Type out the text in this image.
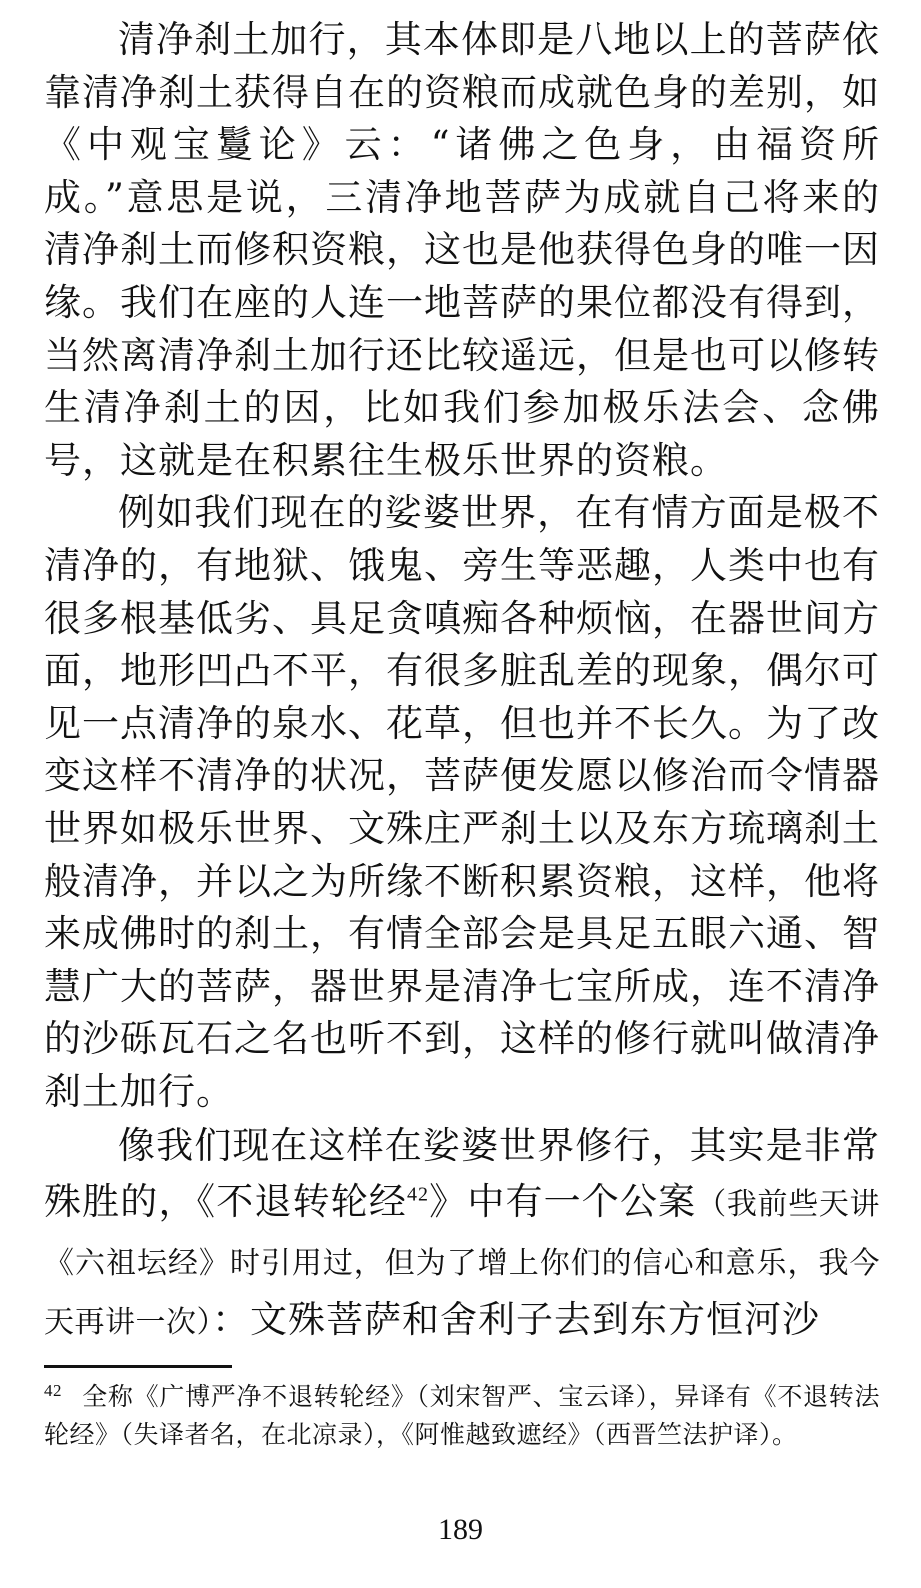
清净刹土加行，其本体即是八地以上的菩萨依靠清净刹土获得自在的资粮而成就色身的差别，如《中观宝鬘论》云：“诸佛之色身，由福资所成。”意思是说，三清净地菩萨为成就自己将来的清净刹土而修积资粮，这也是他获得色身的唯一因缘。我们在座的人连一地菩萨的果位都没有得到，当然离清净刹土加行还比较遥远，但是也可以修转生清净刹土的因，比如我们参加极乐法会、念佛号，这就是在积累往生极乐世界的资粮。

例如我们现在的娑婆世界，在有情方面是极不清净的，有地狱、饿鬼、旁生等恶趣，人类中也有很多根基低劣、具足贪嗔痴各种烦恼，在器世间方面，地形凹凸不平，有很多脏乱差的现象，偶尔可见一点清净的泉水、花草，但也并不长久。为了改变这样不清净的状况，菩萨便发愿以修治而令情器世界如极乐世界、文殊庄严刹土以及东方琉璃刹土般清净，并以之为所缘不断积累资粮，这样，他将来成佛时的刹土，有情全部会是具足五眼六通、智慧广大的菩萨，器世界是清净七宝所成，连不清净的沙砾瓦石之名也听不到，这样的修行就叫做清净刹土加行。

像我们现在这样在娑婆世界修行，其实是非常殊胜的，《不退转轮经$^{42}$》中有一个公案（我前些天讲《六祖坛经》时引用过，但为了增上你们的信心和意乐，我今天再讲一次）：文殊菩萨和舍利子去到东方恒河沙

$^{42}$ 全称《广博严净不退转轮经》（刘宋智严、宝云译），异译有《不退转法轮经》（失译者名，在北凉录），《阿惟越致遮经》（西晋竺法护译）。

189
